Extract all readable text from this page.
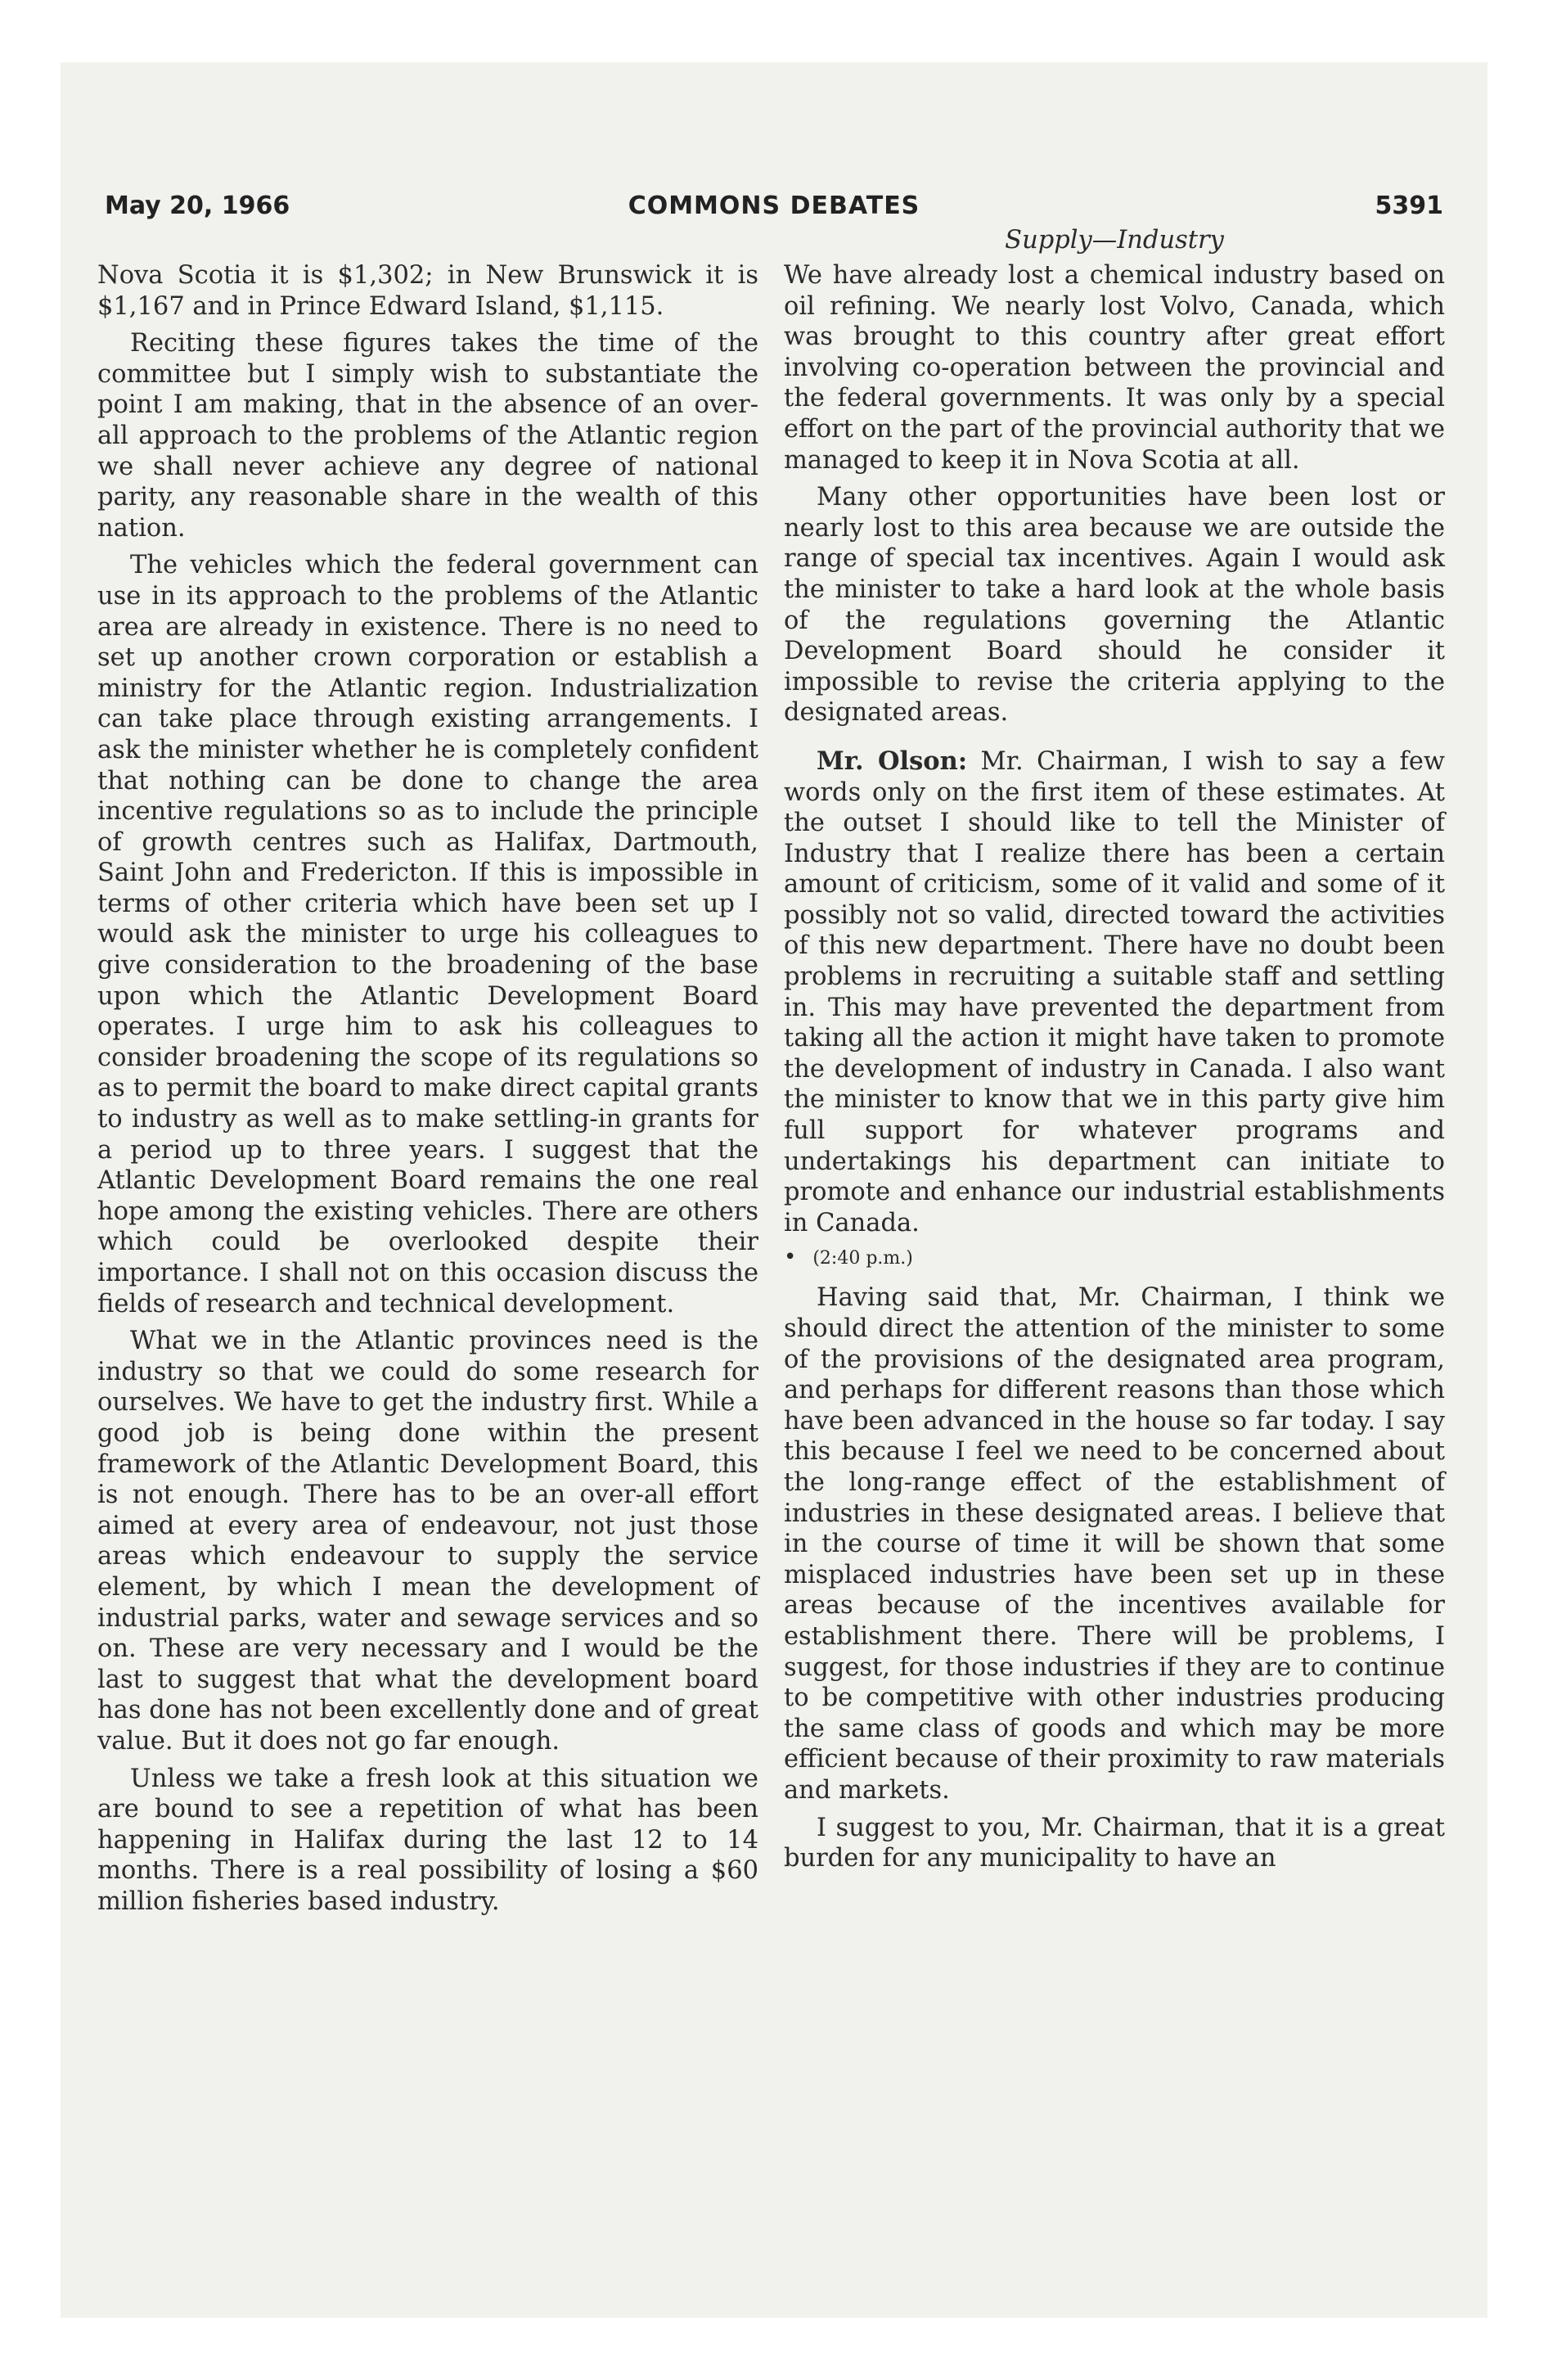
May 20, 1966	COMMONS DEBATES	5391

Nova Scotia it is $1,302; in New Brunswick it is $1,167 and in Prince Edward Island, $1,115.

Reciting these figures takes the time of the committee but I simply wish to substantiate the point I am making, that in the absence of an over-all approach to the problems of the Atlantic region we shall never achieve any degree of national parity, any reasonable share in the wealth of this nation.

The vehicles which the federal government can use in its approach to the problems of the Atlantic area are already in existence. There is no need to set up another crown corporation or establish a ministry for the Atlantic region. Industrialization can take place through existing arrangements. I ask the minister whether he is completely confident that nothing can be done to change the area incentive regulations so as to include the principle of growth centres such as Halifax, Dartmouth, Saint John and Fredericton. If this is impossible in terms of other criteria which have been set up I would ask the minister to urge his colleagues to give consideration to the broadening of the base upon which the Atlantic Development Board operates. I urge him to ask his colleagues to consider broadening the scope of its regulations so as to permit the board to make direct capital grants to industry as well as to make settling-in grants for a period up to three years. I suggest that the Atlantic Development Board remains the one real hope among the existing vehicles. There are others which could be overlooked despite their importance. I shall not on this occasion discuss the fields of research and technical development.

What we in the Atlantic provinces need is the industry so that we could do some research for ourselves. We have to get the industry first. While a good job is being done within the present framework of the Atlantic Development Board, this is not enough. There has to be an over-all effort aimed at every area of endeavour, not just those areas which endeavour to supply the service element, by which I mean the development of industrial parks, water and sewage services and so on. These are very necessary and I would be the last to suggest that what the development board has done has not been excellently done and of great value. But it does not go far enough.

Unless we take a fresh look at this situation we are bound to see a repetition of what has been happening in Halifax during the last 12 to 14 months. There is a real possibility of losing a $60 million fisheries based industry.

Supply—Industry

We have already lost a chemical industry based on oil refining. We nearly lost Volvo, Canada, which was brought to this country after great effort involving co-operation between the provincial and the federal governments. It was only by a special effort on the part of the provincial authority that we managed to keep it in Nova Scotia at all.

Many other opportunities have been lost or nearly lost to this area because we are outside the range of special tax incentives. Again I would ask the minister to take a hard look at the whole basis of the regulations governing the Atlantic Development Board should he consider it impossible to revise the criteria applying to the designated areas.

Mr. Olson: Mr. Chairman, I wish to say a few words only on the first item of these estimates. At the outset I should like to tell the Minister of Industry that I realize there has been a certain amount of criticism, some of it valid and some of it possibly not so valid, directed toward the activities of this new department. There have no doubt been problems in recruiting a suitable staff and settling in. This may have prevented the department from taking all the action it might have taken to promote the development of industry in Canada. I also want the minister to know that we in this party give him full support for whatever programs and undertakings his department can initiate to promote and enhance our industrial establishments in Canada.

• (2:40 p.m.)

Having said that, Mr. Chairman, I think we should direct the attention of the minister to some of the provisions of the designated area program, and perhaps for different reasons than those which have been advanced in the house so far today. I say this because I feel we need to be concerned about the long-range effect of the establishment of industries in these designated areas. I believe that in the course of time it will be shown that some misplaced industries have been set up in these areas because of the incentives available for establishment there. There will be problems, I suggest, for those industries if they are to continue to be competitive with other industries producing the same class of goods and which may be more efficient because of their proximity to raw materials and markets.

I suggest to you, Mr. Chairman, that it is a great burden for any municipality to have an
